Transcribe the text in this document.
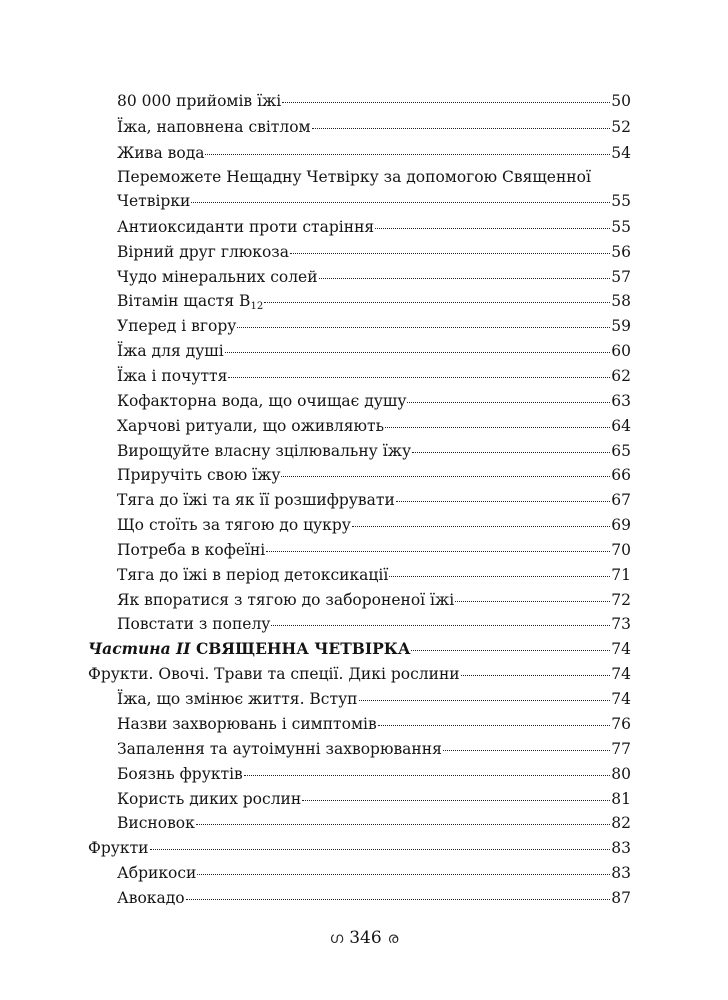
80 000 прийомів їжі	50
Їжа, наповнена світлом	52
Жива вода	54
Переможете Нещадну Четвірку за допомогою Священної
Четвірки	55
Антиоксиданти проти старіння	55
Вірний друг глюкоза	56
Чудо мінеральних солей	57
Вітамін щастя $B_{12}$	58
Уперед і вгору	59
Їжа для душі	60
Їжа і почуття	62
Кофакторна вода, що очищає душу	63
Харчові ритуали, що оживляють	64
Вирощуйте власну зцілювальну їжу	65
Приручіть свою їжу	66
Тяга до їжі та як її розшифрувати	67
Що стоїть за тягою до цукру	69
Потреба в кофеїні	70
Тяга до їжі в період детоксикації	71
Як впоратися з тягою до забороненої їжі	72
Повстати з попелу	73
Частина II СВЯЩЕННА ЧЕТВІРКА	74
Фрукти. Овочі. Трави та спеції. Дикі рослини	74
Їжа, що змінює життя. Вступ	74
Назви захворювань і симптомів	76
Запалення та аутоімунні захворювання	77
Боязнь фруктів	80
Користь диких рослин	81
Висновок	82
Фрукти	83
Абрикоси	83
Авокадо	87
ഗ 346 ര
